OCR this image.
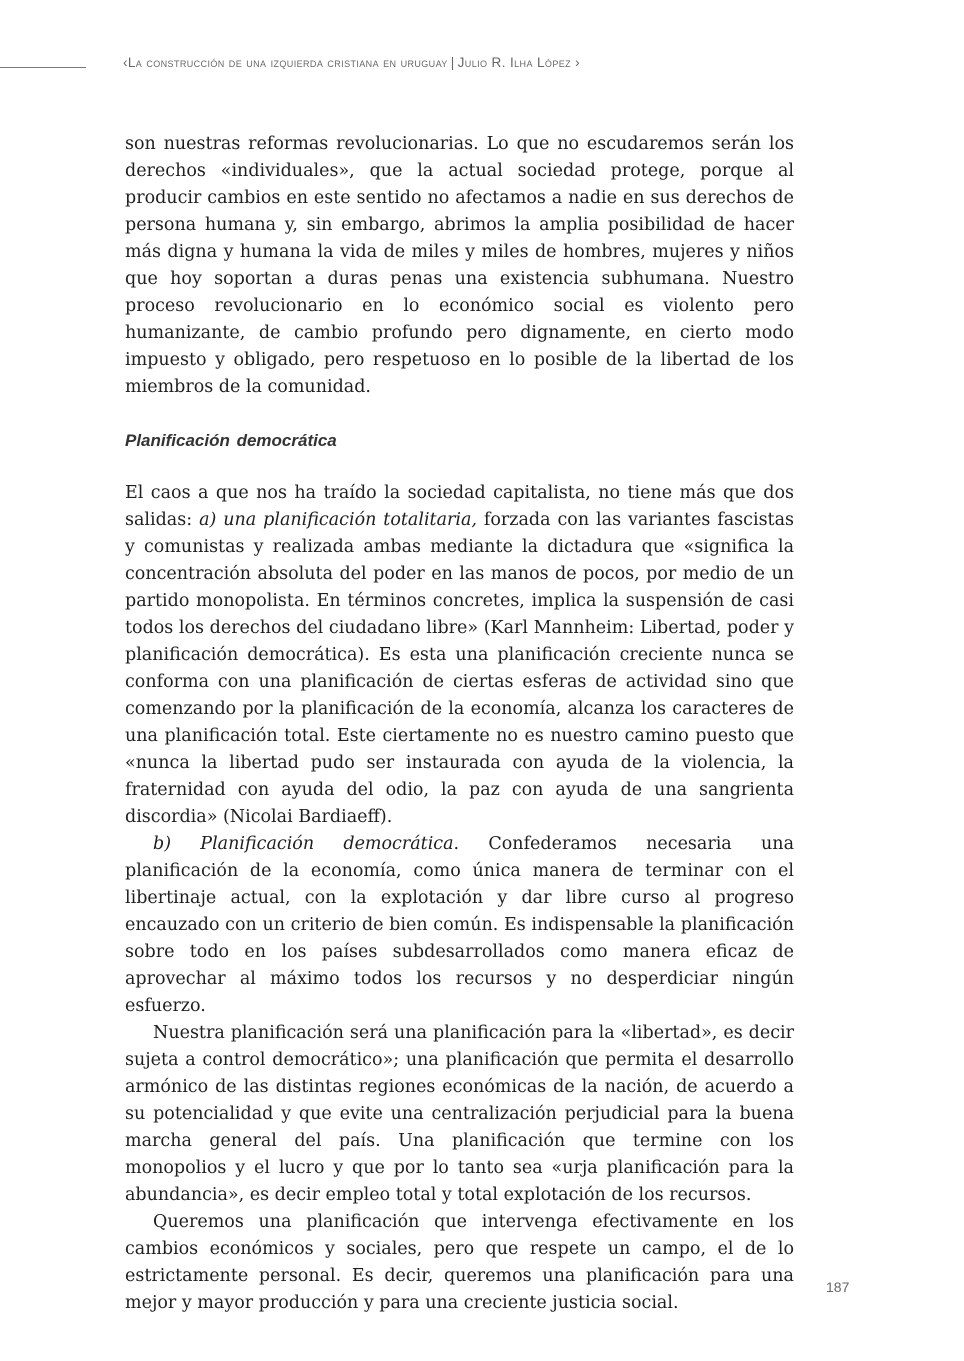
‹La construcción de una izquierda cristiana en uruguay | Julio R. Ilha López ›

son nuestras reformas revolucionarias. Lo que no escudaremos serán los derechos «individuales», que la actual sociedad protege, porque al producir cambios en este sentido no afectamos a nadie en sus derechos de persona humana y, sin embargo, abrimos la amplia posibilidad de hacer más digna y humana la vida de miles y miles de hombres, mujeres y niños que hoy soportan a duras penas una existencia subhumana. Nuestro proceso revolucionario en lo económico social es violento pero humanizante, de cambio profundo pero dignamente, en cierto modo impuesto y obligado, pero respetuoso en lo posible de la libertad de los miembros de la comunidad.

Planificación democrática

El caos a que nos ha traído la sociedad capitalista, no tiene más que dos salidas: a) una planificación totalitaria, forzada con las variantes fascistas y comunistas y realizada ambas mediante la dictadura que «significa la concentración absoluta del poder en las manos de pocos, por medio de un partido monopolista. En términos concretes, implica la suspensión de casi todos los derechos del ciudadano libre» (Karl Mannheim: Libertad, poder y planificación democrática). Es esta una planificación creciente nunca se conforma con una planificación de ciertas esferas de actividad sino que comenzando por la planificación de la economía, alcanza los caracteres de una planificación total. Este ciertamente no es nuestro camino puesto que «nunca la libertad pudo ser instaurada con ayuda de la violencia, la fraternidad con ayuda del odio, la paz con ayuda de una sangrienta discordia» (Nicolai Bardiaeff).

b) Planificación democrática. Confederamos necesaria una planificación de la economía, como única manera de terminar con el libertinaje actual, con la explotación y dar libre curso al progreso encauzado con un criterio de bien común. Es indispensable la planificación sobre todo en los países subdesarrollados como manera eficaz de aprovechar al máximo todos los recursos y no desperdiciar ningún esfuerzo.

Nuestra planificación será una planificación para la «libertad», es decir sujeta a control democrático»; una planificación que permita el desarrollo armónico de las distintas regiones económicas de la nación, de acuerdo a su potencialidad y que evite una centralización perjudicial para la buena marcha general del país. Una planificación que termine con los monopolios y el lucro y que por lo tanto sea «urja planificación para la abundancia», es decir empleo total y total explotación de los recursos.

Queremos una planificación que intervenga efectivamente en los cambios económicos y sociales, pero que respete un campo, el de lo estrictamente personal. Es decir, queremos una planificación para una mejor y mayor producción y para una creciente justicia social.

187
